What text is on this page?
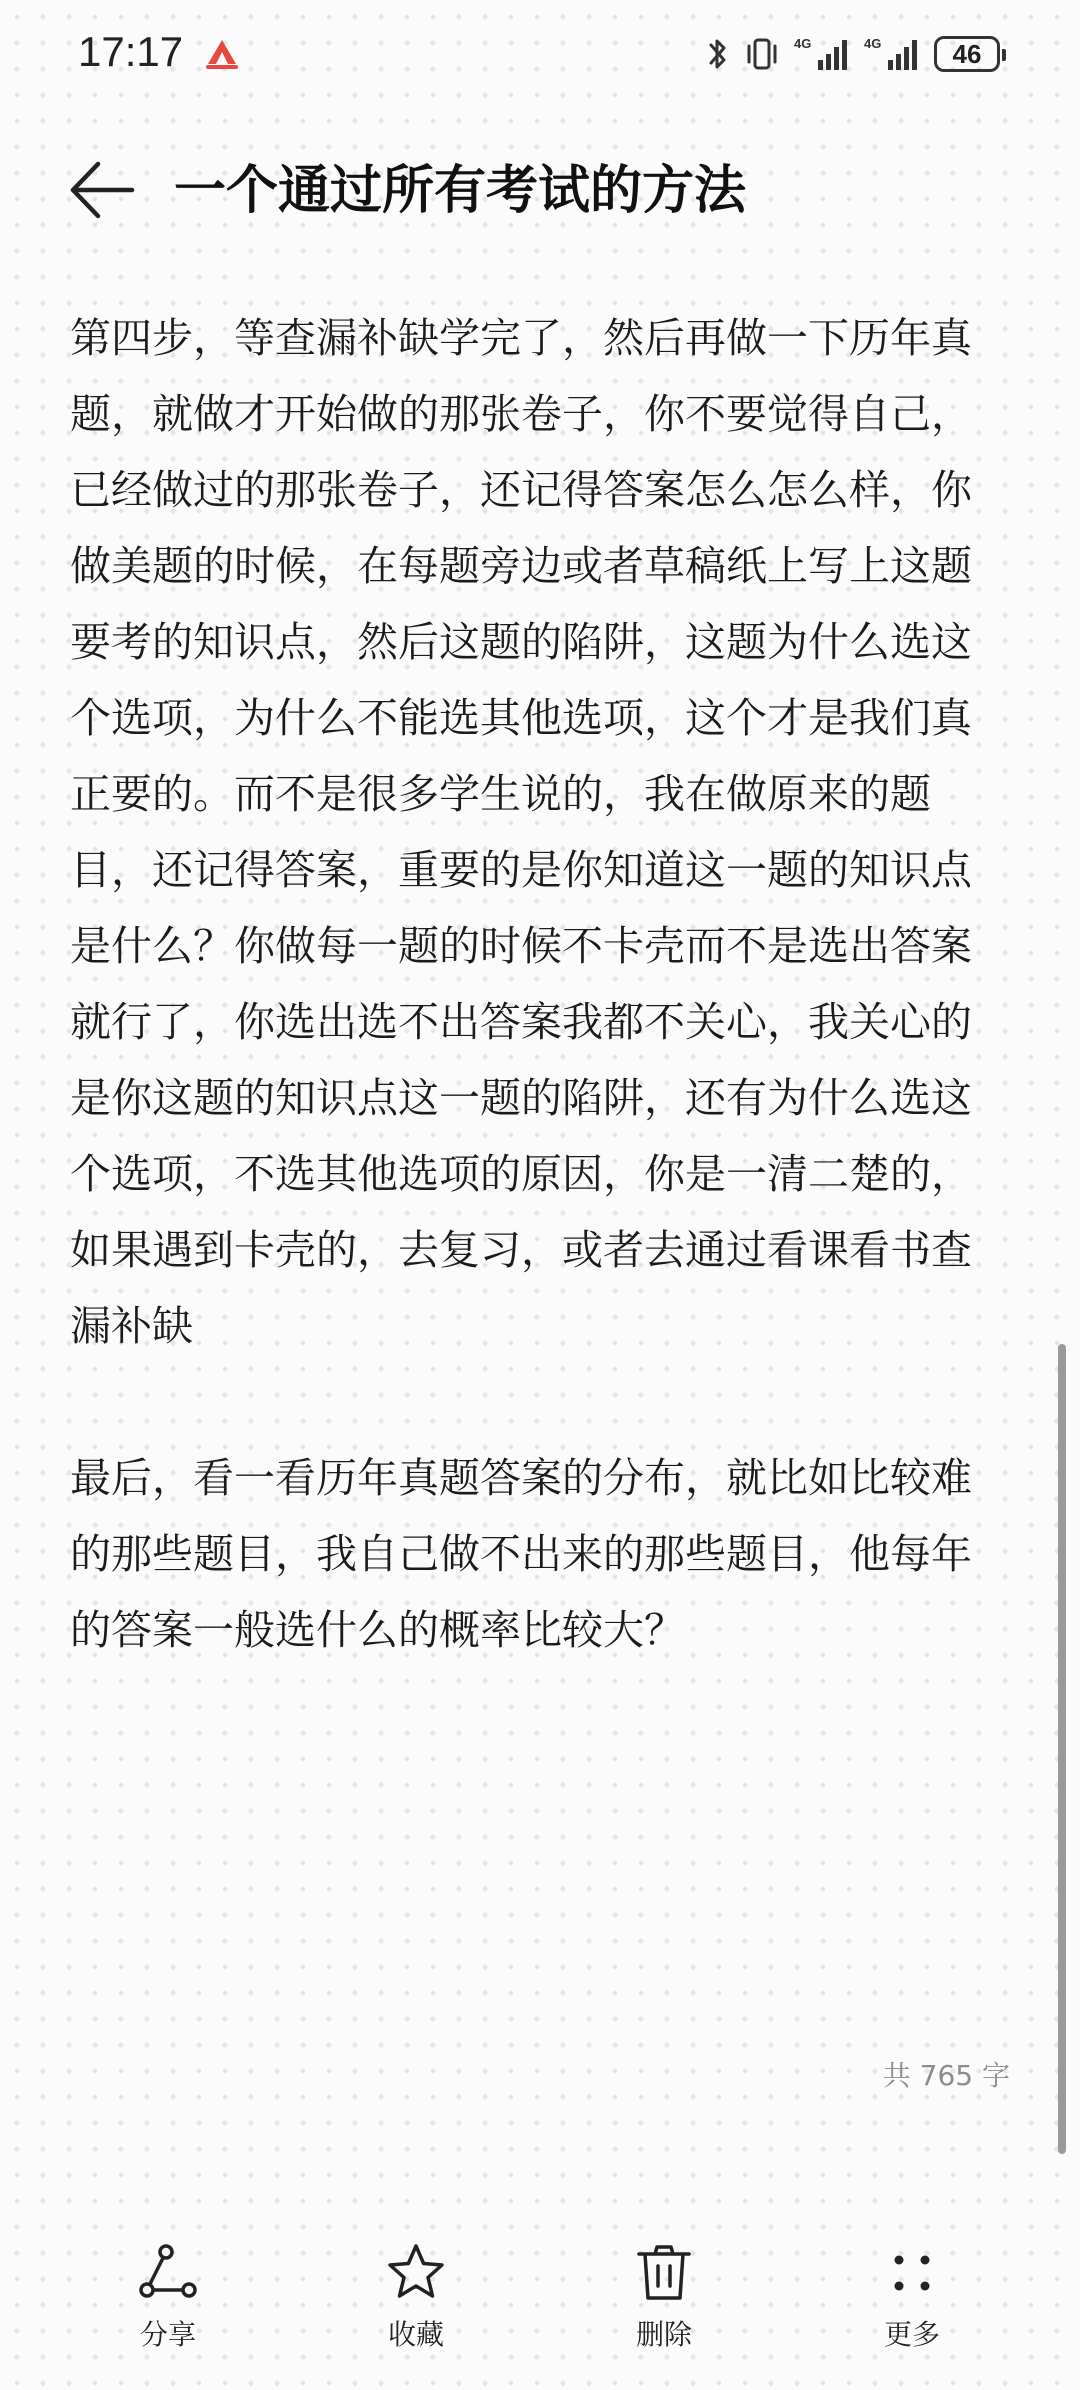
17:17	4G	4G	46
一个通过所有考试的方法

第四步，等查漏补缺学完了，然后再做一下历年真题，就做才开始做的那张卷子，你不要觉得自己，已经做过的那张卷子，还记得答案怎么怎么样，你做美题的时候，在每题旁边或者草稿纸上写上这题要考的知识点，然后这题的陷阱，这题为什么选这个选项，为什么不能选其他选项，这个才是我们真正要的。而不是很多学生说的，我在做原来的题目，还记得答案，重要的是你知道这一题的知识点是什么？你做每一题的时候不卡壳而不是选出答案就行了，你选出选不出答案我都不关心，我关心的是你这题的知识点这一题的陷阱，还有为什么选这个选项，不选其他选项的原因，你是一清二楚的，如果遇到卡壳的，去复习，或者去通过看课看书查漏补缺

最后，看一看历年真题答案的分布，就比如比较难的那些题目，我自己做不出来的那些题目，他每年的答案一般选什么的概率比较大？

共 765 字
分享	收藏	删除	更多
